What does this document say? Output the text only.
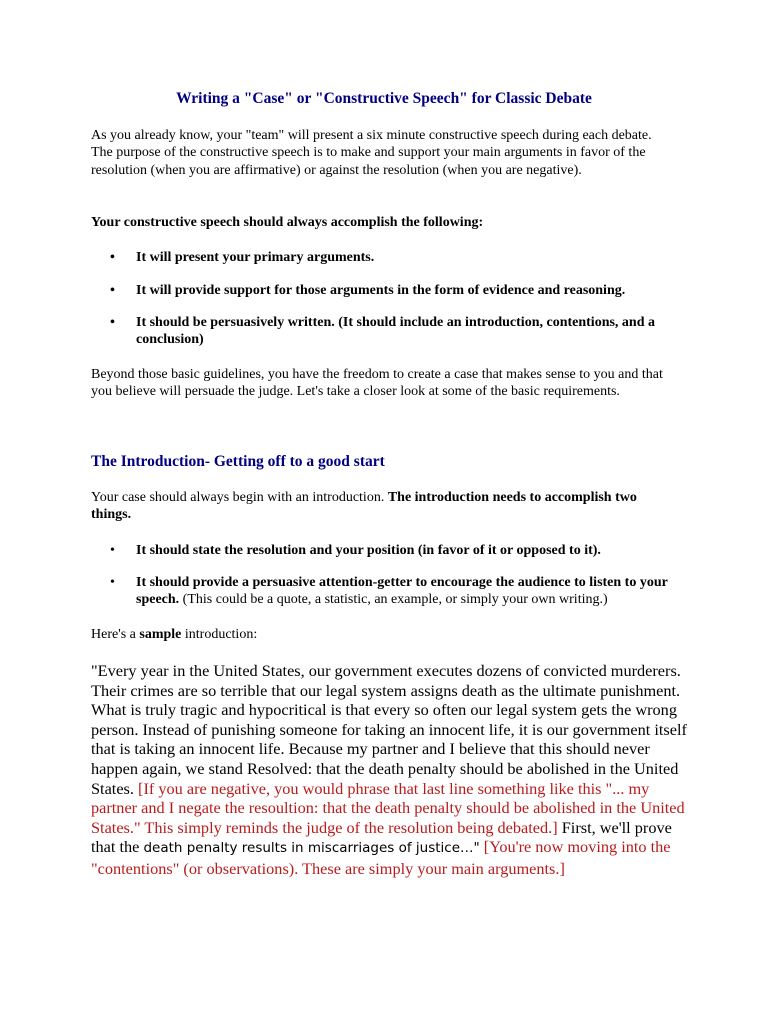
Writing a "Case" or "Constructive Speech" for Classic Debate

As you already know, your "team" will present a six minute constructive speech during each debate. The purpose of the constructive speech is to make and support your main arguments in favor of the resolution (when you are affirmative) or against the resolution (when you are negative).

Your constructive speech should always accomplish the following:

• It will present your primary arguments.
• It will provide support for those arguments in the form of evidence and reasoning.
• It should be persuasively written. (It should include an introduction, contentions, and a conclusion)

Beyond those basic guidelines, you have the freedom to create a case that makes sense to you and that you believe will persuade the judge. Let's take a closer look at some of the basic requirements.

The Introduction- Getting off to a good start

Your case should always begin with an introduction. The introduction needs to accomplish two things.

• It should state the resolution and your position (in favor of it or opposed to it).
• It should provide a persuasive attention-getter to encourage the audience to listen to your speech. (This could be a quote, a statistic, an example, or simply your own writing.)

Here's a sample introduction:

"Every year in the United States, our government executes dozens of convicted murderers. Their crimes are so terrible that our legal system assigns death as the ultimate punishment. What is truly tragic and hypocritical is that every so often our legal system gets the wrong person. Instead of punishing someone for taking an innocent life, it is our government itself that is taking an innocent life. Because my partner and I believe that this should never happen again, we stand Resolved: that the death penalty should be abolished in the United States. [If you are negative, you would phrase that last line something like this "... my partner and I negate the resoultion: that the death penalty should be abolished in the United States." This simply reminds the judge of the resolution being debated.] First, we'll prove that the death penalty results in miscarriages of justice…" [You're now moving into the "contentions" (or observations). These are simply your main arguments.]
